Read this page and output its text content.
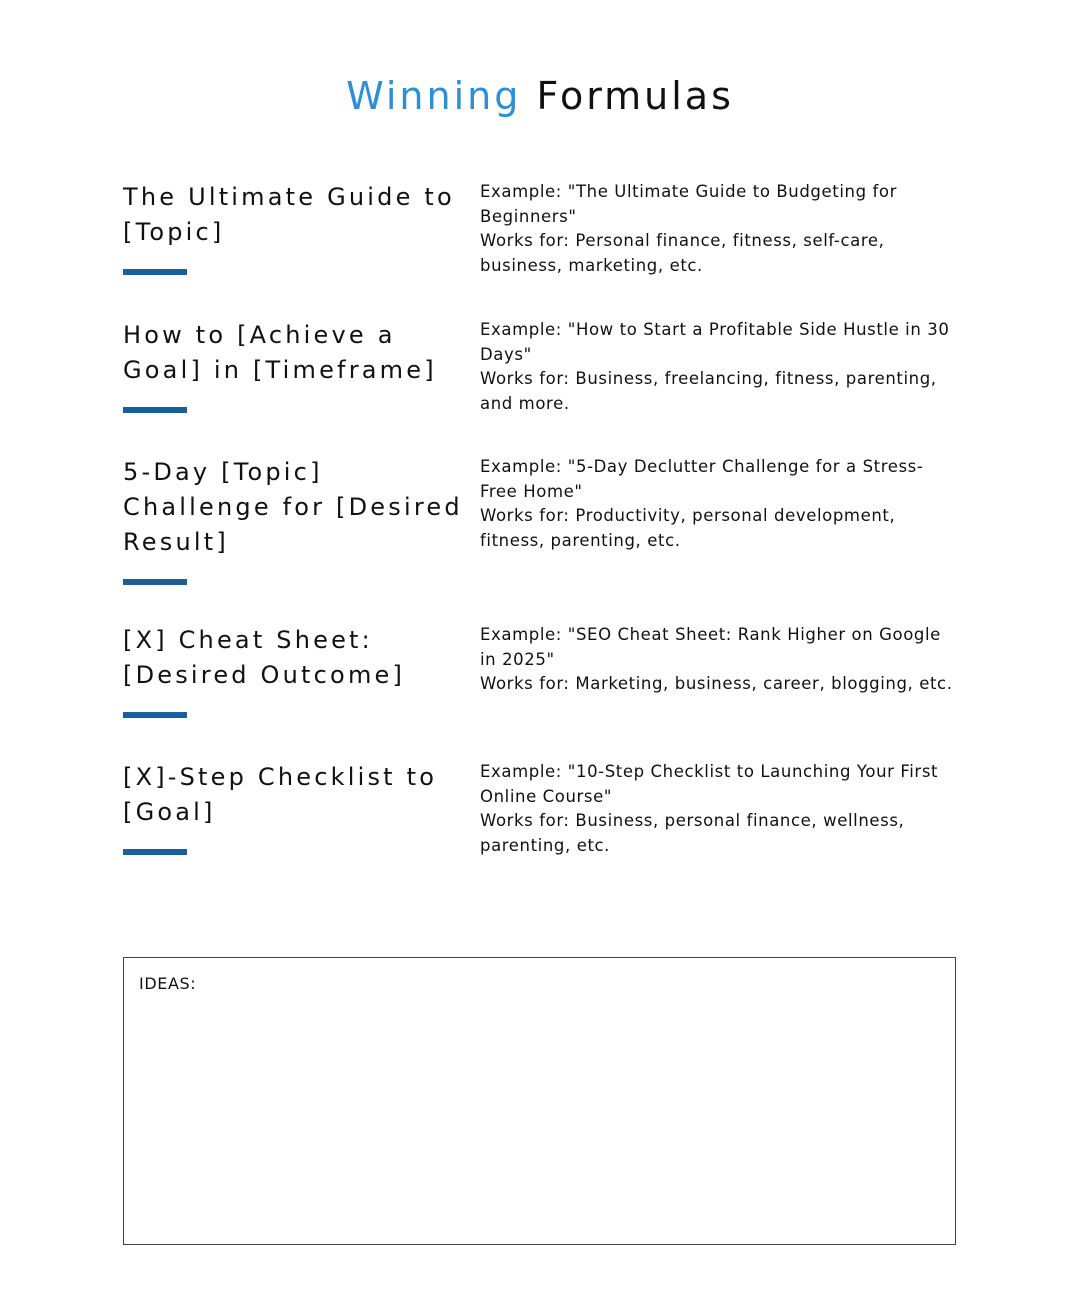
Winning Formulas
The Ultimate Guide to [Topic]

Example: "The Ultimate Guide to Budgeting for Beginners"

Works for: Personal finance, fitness, self-care, business, marketing, etc.

How to [Achieve a Goal] in [Timeframe]

Example: "How to Start a Profitable Side Hustle in 30 Days"

Works for: Business, freelancing, fitness, parenting, and more.

5-Day [Topic] Challenge for [Desired Result]

Example: "5-Day Declutter Challenge for a Stress-Free Home"

Works for: Productivity, personal development, fitness, parenting, etc.

[X] Cheat Sheet: [Desired Outcome]

Example: "SEO Cheat Sheet: Rank Higher on Google in 2025"

Works for: Marketing, business, career, blogging, etc.

[X]-Step Checklist to [Goal]

Example: "10-Step Checklist to Launching Your First Online Course"

Works for: Business, personal finance, wellness, parenting, etc.

IDEAS:
